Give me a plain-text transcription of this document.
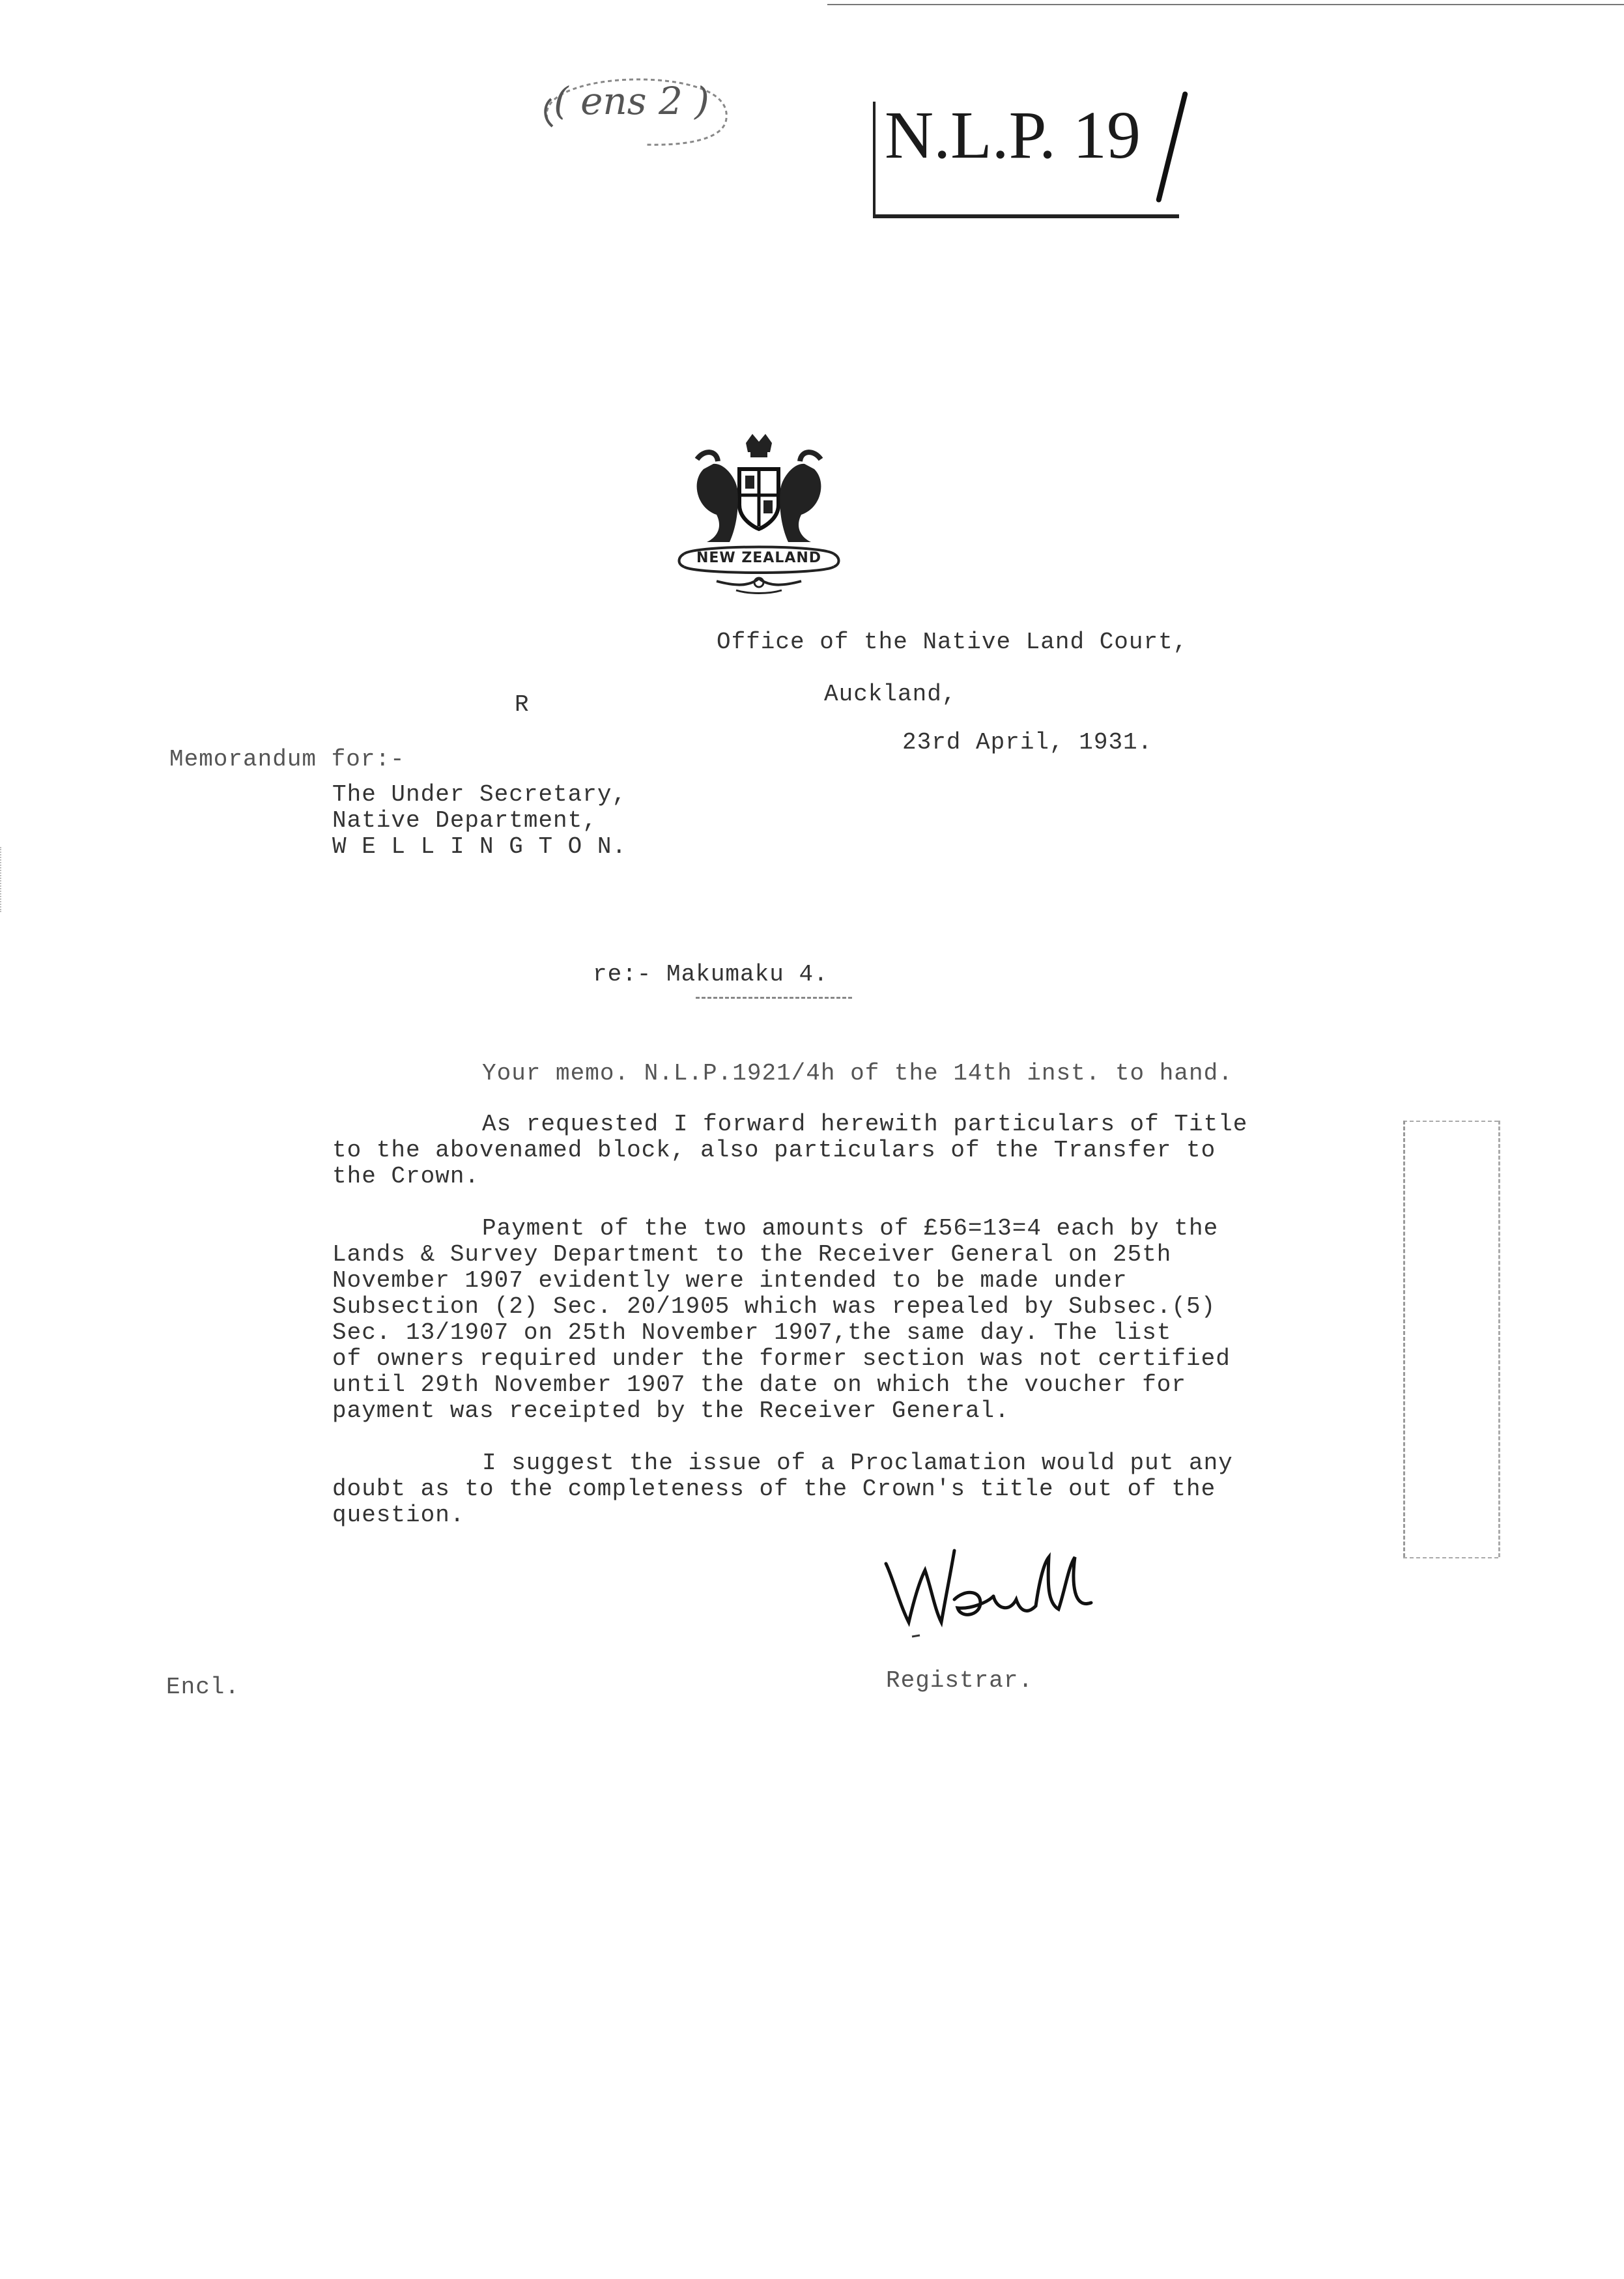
( ens 2 )	N.L.P. 19
NEW ZEALAND
Office of the Native Land Court,
Auckland,
R
23rd April, 1931.
Memorandum for:-
The Under Secretary,
Native Department,
W E L L I N G T O N.
re:- Makumaku 4.
Your memo. N.L.P.1921/4h of the 14th inst. to hand.
As requested I forward herewith particulars of Title
to the abovenamed block, also particulars of the Transfer to
the Crown.
Payment of the two amounts of £56=13=4 each by the
Lands & Survey Department to the Receiver General on 25th
November 1907 evidently were intended to be made under
Subsection (2) Sec. 20/1905 which was repealed by Subsec.(5)
Sec. 13/1907 on 25th November 1907,the same day. The list
of owners required under the former section was not certified
until 29th November 1907 the date on which the voucher for
payment was receipted by the Receiver General.
I suggest the issue of a Proclamation would put any
doubt as to the completeness of the Crown's title out of the
question.
Registrar.
Encl.
